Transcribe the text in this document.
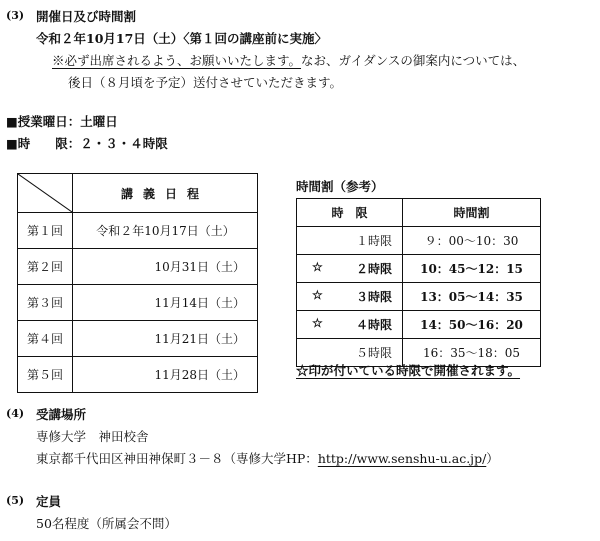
(3) 開催日及び時間割
令和２年10月17日（土）〈第１回の講座前に実施〉
※必ず出席されるよう、お願いいたします。なお、ガイダンスの御案内については、
後日（８月頃を予定）送付させていただきます。
■授業曜日：土曜日
■時　　限：２・３・４時限
	講義日程
第１回	令和２年10月17日（土）
第２回	10月31日（土）
第３回	11月14日（土）
第４回	11月21日（土）
第５回	11月28日（土）
時間割（参考）
時　限	時間割
１時限	９：00～10：30

☆ ２時限	10：45～12：15

☆ ３時限	13：05～14：35

☆ ４時限	14：50～16：20
５時限	16：35～18：05
☆印が付いている時限で開催されます。
(4) 受講場所
専修大学　神田校舎
東京都千代田区神田神保町３－８（専修大学HP：http://www.senshu-u.ac.jp/）
(5) 定員
50名程度（所属会不問）
